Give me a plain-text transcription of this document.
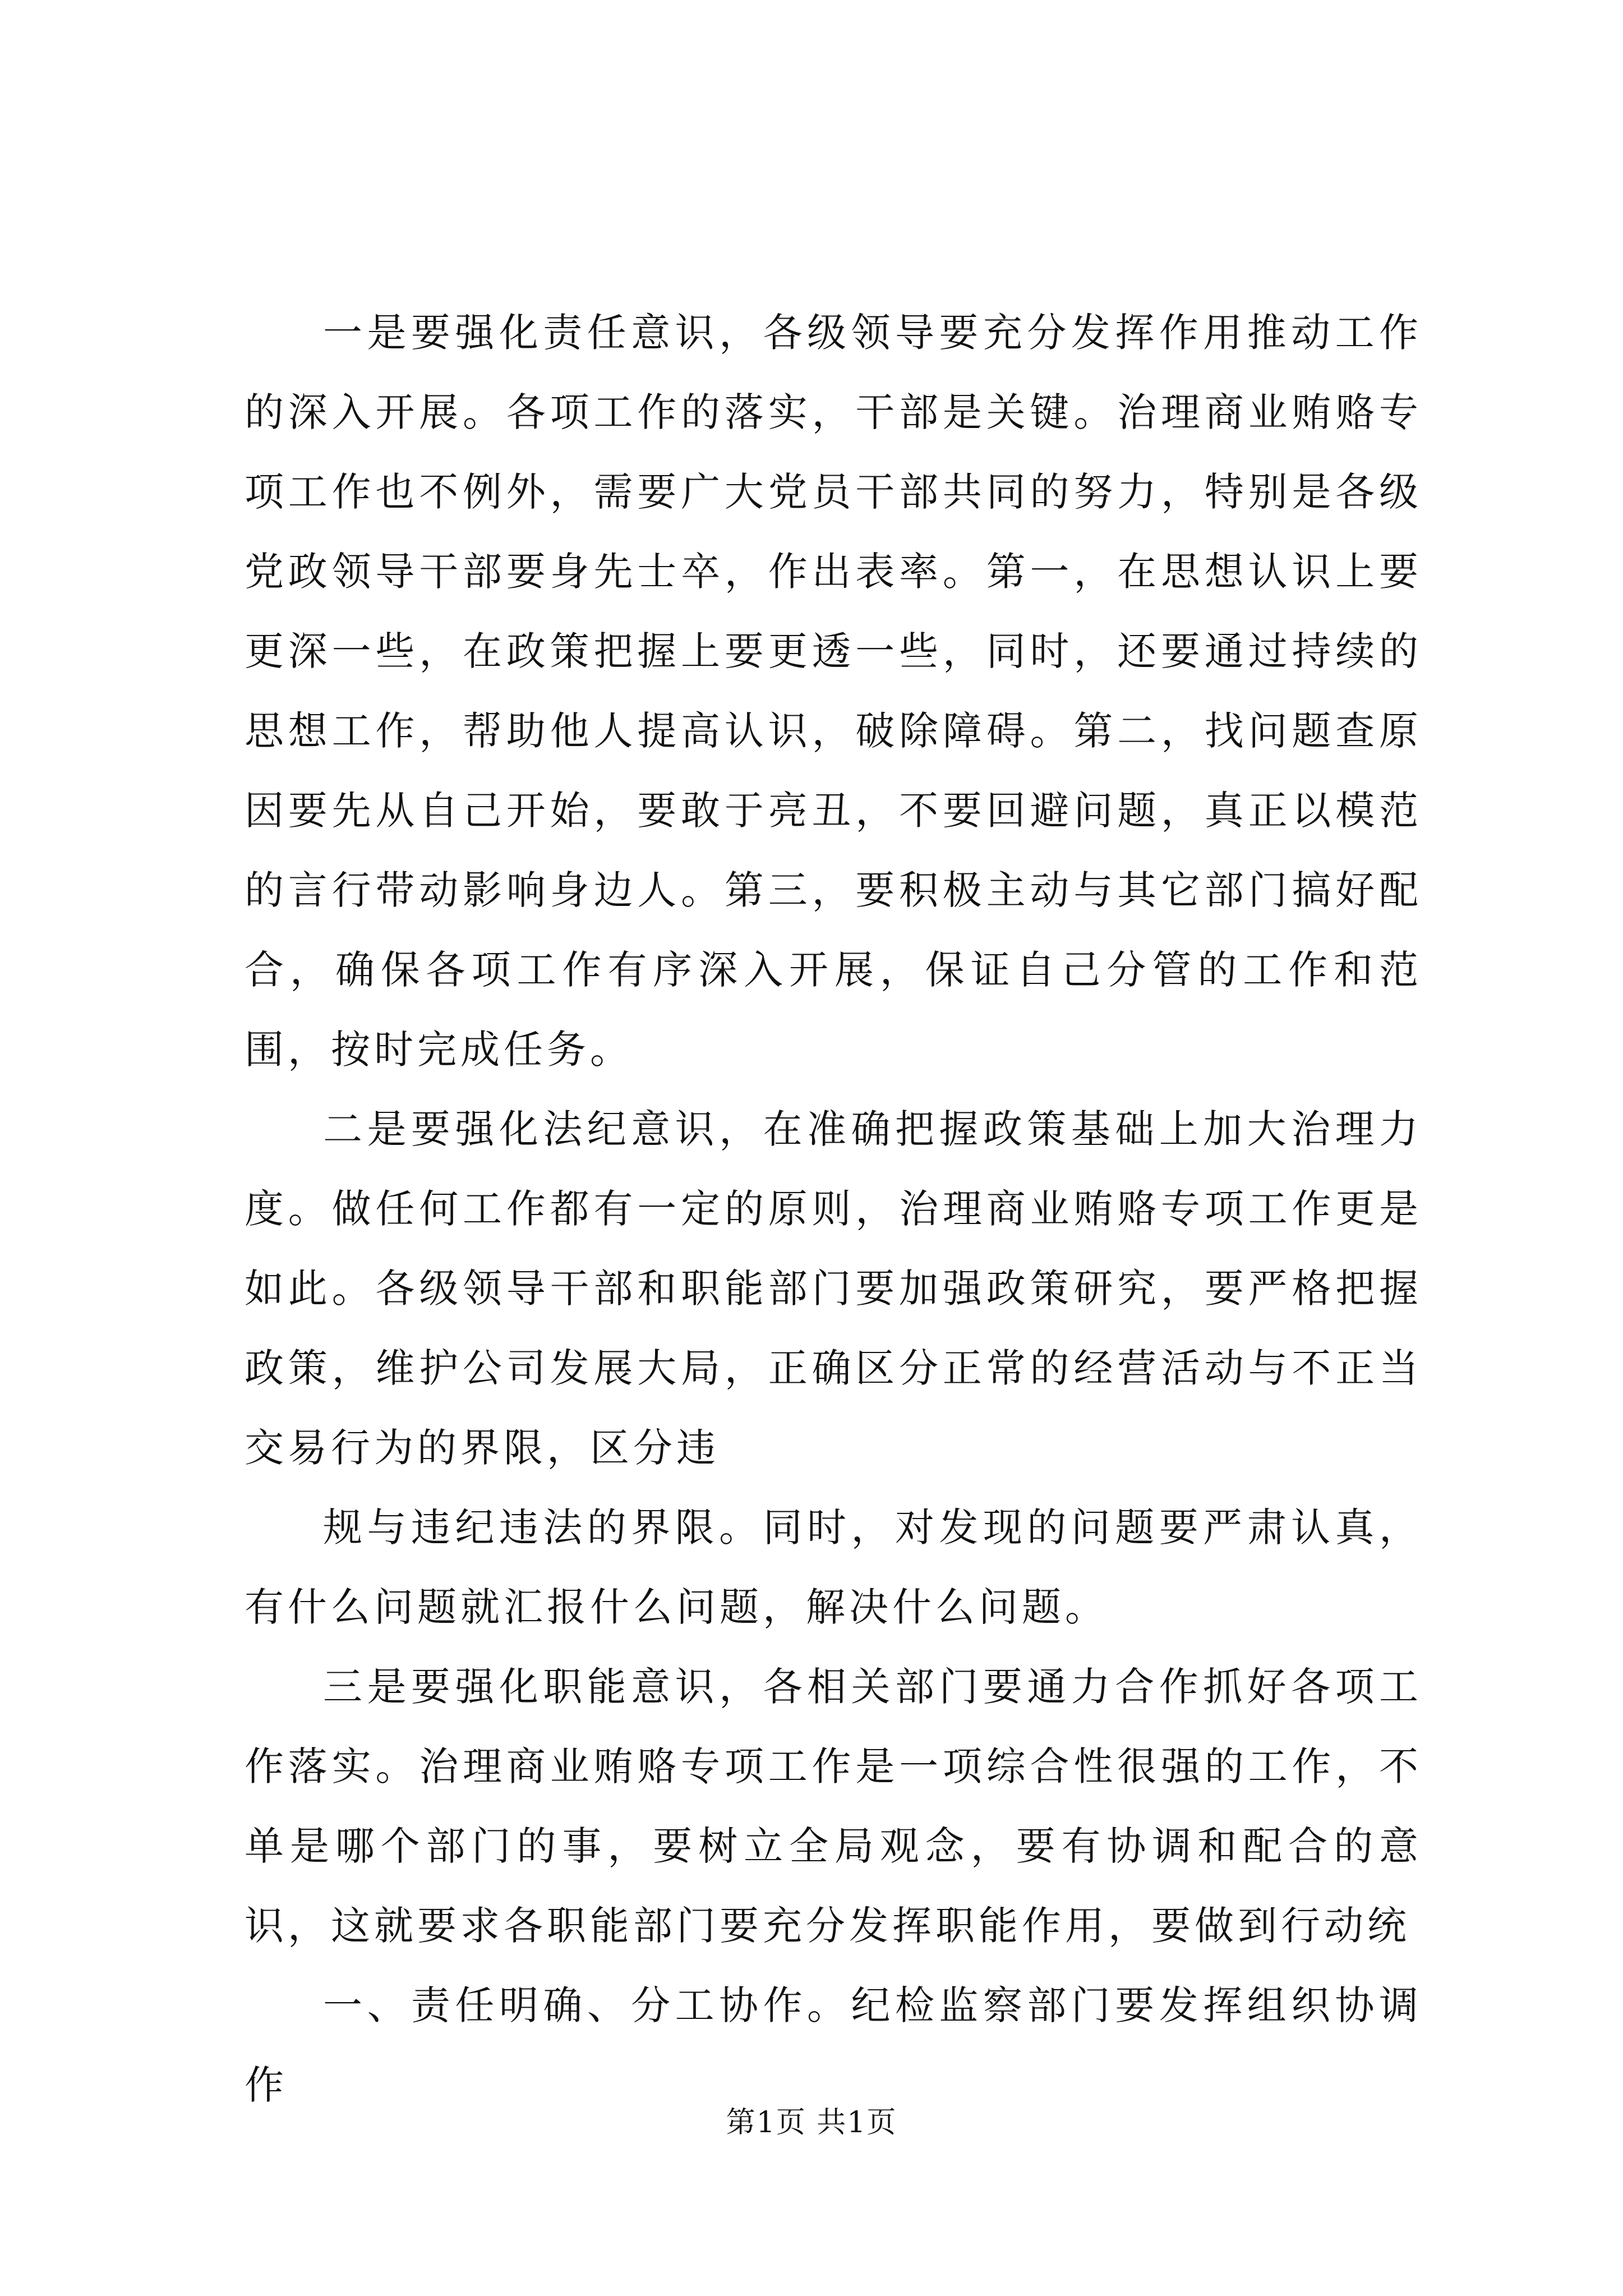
一是要强化责任意识，各级领导要充分发挥作用推动工作的深入开展。各项工作的落实，干部是关键。治理商业贿赂专项工作也不例外，需要广大党员干部共同的努力，特别是各级党政领导干部要身先士卒，作出表率。第一，在思想认识上要更深一些，在政策把握上要更透一些，同时，还要通过持续的思想工作，帮助他人提高认识，破除障碍。第二，找问题查原因要先从自己开始，要敢于亮丑，不要回避问题，真正以模范的言行带动影响身边人。第三，要积极主动与其它部门搞好配合，确保各项工作有序深入开展，保证自己分管的工作和范围，按时完成任务。

二是要强化法纪意识，在准确把握政策基础上加大治理力度。做任何工作都有一定的原则，治理商业贿赂专项工作更是如此。各级领导干部和职能部门要加强政策研究，要严格把握政策，维护公司发展大局，正确区分正常的经营活动与不正当交易行为的界限，区分违

规与违纪违法的界限。同时，对发现的问题要严肃认真，有什么问题就汇报什么问题，解决什么问题。

三是要强化职能意识，各相关部门要通力合作抓好各项工作落实。治理商业贿赂专项工作是一项综合性很强的工作，不单是哪个部门的事，要树立全局观念，要有协调和配合的意识，这就要求各职能部门要充分发挥职能作用，要做到行动统

一、责任明确、分工协作。纪检监察部门要发挥组织协调作

第1页 共1页
